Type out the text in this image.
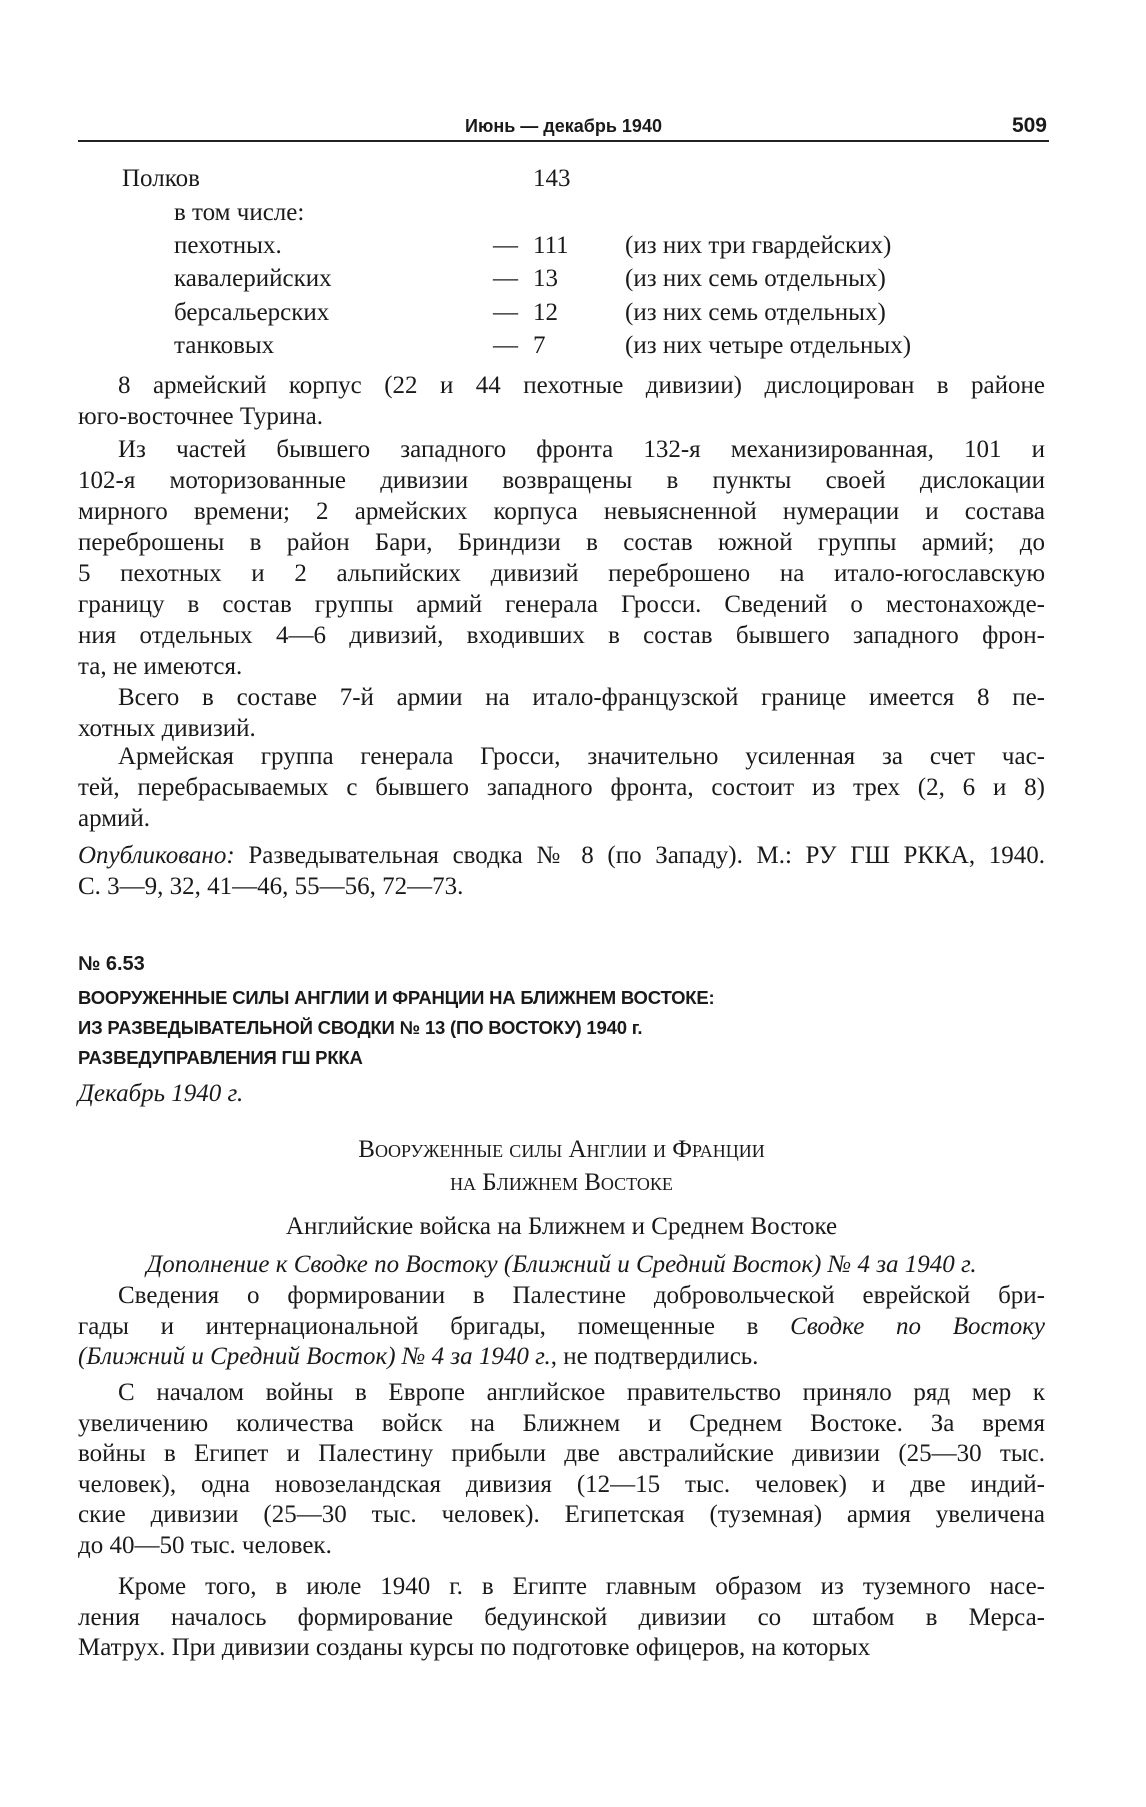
Июнь — декабрь 1940	509
Полков	143
в том числе:
пехотных.	— 111 (из них три гвардейских)
кавалерийских	— 13	(из них семь отдельных)
берсальерских	— 12	(из них семь отдельных)
танковых	— 7	(из них четыре отдельных)
8 армейский корпус (22 и 44 пехотные дивизии) дислоцирован в районе
юго-восточнее Турина.
Из частей бывшего западного фронта 132-я механизированная, 101 и
102-я моторизованные дивизии возвращены в пункты своей дислокации
мирного времени; 2 армейских корпуса невыясненной нумерации и состава
переброшены в район Бари, Бриндизи в состав южной группы армий; до
5 пехотных и 2 альпийских дивизий переброшено на итало-югославскую
границу в состав группы армий генерала Гросси. Сведений о местонахожде-
ния отдельных 4—6 дивизий, входивших в состав бывшего западного фрон-
та, не имеются.
Всего в составе 7-й армии на итало-французской границе имеется 8 пе-
хотных дивизий.
Армейская группа генерала Гросси, значительно усиленная за счет час-
тей, перебрасываемых с бывшего западного фронта, состоит из трех (2, 6 и 8)
армий.
Опубликовано: Разведывательная сводка № 8 (по Западу). М.: РУ ГШ РККА, 1940.
С. 3—9, 32, 41—46, 55—56, 72—73.
№ 6.53
ВООРУЖЕННЫЕ СИЛЫ АНГЛИИ И ФРАНЦИИ НА БЛИЖНЕМ ВОСТОКЕ:
ИЗ РАЗВЕДЫВАТЕЛЬНОЙ СВОДКИ № 13 (ПО ВОСТОКУ) 1940 г.
РАЗВЕДУПРАВЛЕНИЯ ГШ РККА
Декабрь 1940 г.
Вооруженные силы Англии и Франции
на Ближнем Востоке
Английские войска на Ближнем и Среднем Востоке
Дополнение к Сводке по Востоку (Ближний и Средний Восток) № 4 за 1940 г.
Сведения о формировании в Палестине добровольческой еврейской бри-
гады и интернациональной бригады, помещенные в Сводке по Востоку
(Ближний и Средний Восток) № 4 за 1940 г., не подтвердились.
С началом войны в Европе английское правительство приняло ряд мер к
увеличению количества войск на Ближнем и Среднем Востоке. За время
войны в Египет и Палестину прибыли две австралийские дивизии (25—30 тыс.
человек), одна новозеландская дивизия (12—15 тыс. человек) и две индий-
ские дивизии (25—30 тыс. человек). Египетская (туземная) армия увеличена
до 40—50 тыс. человек.
Кроме того, в июле 1940 г. в Египте главным образом из туземного насе-
ления началось формирование бедуинской дивизии со штабом в Мерса-
Матрух. При дивизии созданы курсы по подготовке офицеров, на которых
